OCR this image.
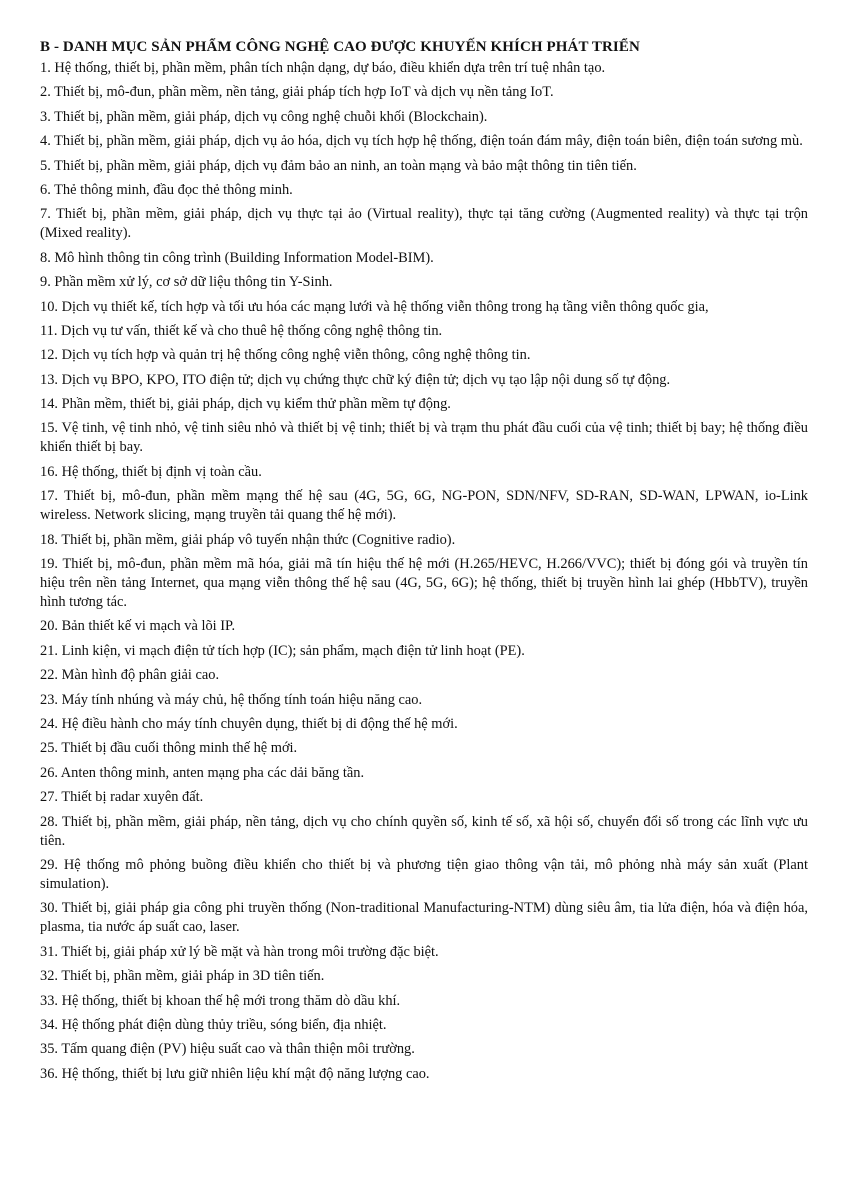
B - DANH MỤC SẢN PHẨM CÔNG NGHỆ CAO ĐƯỢC KHUYẾN KHÍCH PHÁT TRIỂN
1. Hệ thống, thiết bị, phần mềm, phân tích nhận dạng, dự báo, điều khiển dựa trên trí tuệ nhân tạo.
2. Thiết bị, mô-đun, phần mềm, nền tảng, giải pháp tích hợp IoT và dịch vụ nền tảng IoT.
3. Thiết bị, phần mềm, giải pháp, dịch vụ công nghệ chuỗi khối (Blockchain).
4. Thiết bị, phần mềm, giải pháp, dịch vụ ảo hóa, dịch vụ tích hợp hệ thống, điện toán đám mây, điện toán biên, điện toán sương mù.
5. Thiết bị, phần mềm, giải pháp, dịch vụ đảm bảo an ninh, an toàn mạng và bảo mật thông tin tiên tiến.
6. Thẻ thông minh, đầu đọc thẻ thông minh.
7. Thiết bị, phần mềm, giải pháp, dịch vụ thực tại ảo (Virtual reality), thực tại tăng cường (Augmented reality) và thực tại trộn (Mixed reality).
8. Mô hình thông tin công trình (Building Information Model-BIM).
9. Phần mềm xử lý, cơ sở dữ liệu thông tin Y-Sinh.
10. Dịch vụ thiết kế, tích hợp và tối ưu hóa các mạng lưới và hệ thống viễn thông trong hạ tầng viễn thông quốc gia,
11. Dịch vụ tư vấn, thiết kế và cho thuê hệ thống công nghệ thông tin.
12. Dịch vụ tích hợp và quản trị hệ thống công nghệ viễn thông, công nghệ thông tin.
13. Dịch vụ BPO, KPO, ITO điện tử; dịch vụ chứng thực chữ ký điện tử; dịch vụ tạo lập nội dung số tự động.
14. Phần mềm, thiết bị, giải pháp, dịch vụ kiểm thử phần mềm tự động.
15. Vệ tinh, vệ tinh nhỏ, vệ tinh siêu nhỏ và thiết bị vệ tinh; thiết bị và trạm thu phát đầu cuối của vệ tinh; thiết bị bay; hệ thống điều khiển thiết bị bay.
16. Hệ thống, thiết bị định vị toàn cầu.
17. Thiết bị, mô-đun, phần mềm mạng thế hệ sau (4G, 5G, 6G, NG-PON, SDN/NFV, SD-RAN, SD-WAN, LPWAN, io-Link wireless. Network slicing, mạng truyền tải quang thế hệ mới).
18. Thiết bị, phần mềm, giải pháp vô tuyến nhận thức (Cognitive radio).
19. Thiết bị, mô-đun, phần mềm mã hóa, giải mã tín hiệu thế hệ mới (H.265/HEVC, H.266/VVC); thiết bị đóng gói và truyền tín hiệu trên nền tảng Internet, qua mạng viễn thông thế hệ sau (4G, 5G, 6G); hệ thống, thiết bị truyền hình lai ghép (HbbTV), truyền hình tương tác.
20. Bản thiết kế vi mạch và lõi IP.
21. Linh kiện, vi mạch điện tử tích hợp (IC); sản phẩm, mạch điện tử linh hoạt (PE).
22. Màn hình độ phân giải cao.
23. Máy tính nhúng và máy chủ, hệ thống tính toán hiệu năng cao.
24. Hệ điều hành cho máy tính chuyên dụng, thiết bị di động thế hệ mới.
25. Thiết bị đầu cuối thông minh thế hệ mới.
26. Anten thông minh, anten mạng pha các dải băng tần.
27. Thiết bị radar xuyên đất.
28. Thiết bị, phần mềm, giải pháp, nền tảng, dịch vụ cho chính quyền số, kinh tế số, xã hội số, chuyển đổi số trong các lĩnh vực ưu tiên.
29. Hệ thống mô phỏng buồng điều khiển cho thiết bị và phương tiện giao thông vận tải, mô phỏng nhà máy sản xuất (Plant simulation).
30. Thiết bị, giải pháp gia công phi truyền thống (Non-traditional Manufacturing-NTM) dùng siêu âm, tia lửa điện, hóa và điện hóa, plasma, tia nước áp suất cao, laser.
31. Thiết bị, giải pháp xử lý bề mặt và hàn trong môi trường đặc biệt.
32. Thiết bị, phần mềm, giải pháp in 3D tiên tiến.
33. Hệ thống, thiết bị khoan thế hệ mới trong thăm dò dầu khí.
34. Hệ thống phát điện dùng thủy triều, sóng biển, địa nhiệt.
35. Tấm quang điện (PV) hiệu suất cao và thân thiện môi trường.
36. Hệ thống, thiết bị lưu giữ nhiên liệu khí mật độ năng lượng cao.
